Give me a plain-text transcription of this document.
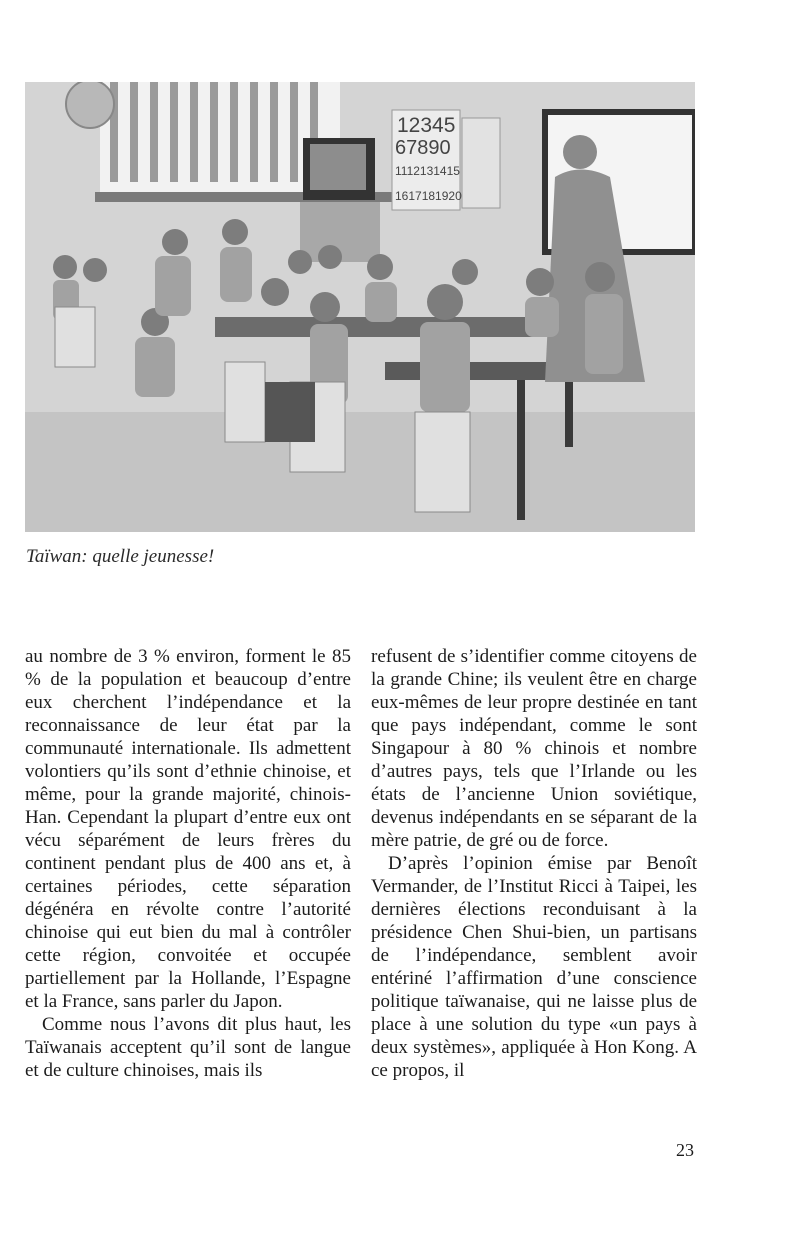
12345
67890
1112131415
1617181920
Taïwan: quelle jeunesse!

au nombre de 3 % environ, forment le 85 % de la population et beaucoup d’entre eux cherchent l’indépendance et la reconnaissance de leur état par la communauté internationale. Ils admettent volontiers qu’ils sont d’ethnie chinoise, et même, pour la grande majorité, chinois-Han. Cependant la plupart d’entre eux ont vécu séparément de leurs frères du continent pendant plus de 400 ans et, à certaines périodes, cette séparation dégénéra en révolte contre l’autorité chinoise qui eut bien du mal à contrôler cette région, convoitée et occupée partiellement par la Hollande, l’Espagne et la France, sans parler du Japon.

Comme nous l’avons dit plus haut, les Taïwanais acceptent qu’il sont de langue et de culture chinoises, mais ils

refusent de s’identifier comme citoyens de la grande Chine; ils veulent être en charge eux-mêmes de leur propre destinée en tant que pays indépendant, comme le sont Singapour à 80 % chinois et nombre d’autres pays, tels que l’Irlande ou les états de l’ancienne Union soviétique, devenus indépendants en se séparant de la mère patrie, de gré ou de force.

D’après l’opinion émise par Benoît Vermander, de l’Institut Ricci à Taipei, les dernières élections reconduisant à la présidence Chen Shui-bien, un partisans de l’indépendance, semblent avoir entériné l’affirmation d’une conscience politique taïwanaise, qui ne laisse plus de place à une solution du type «un pays à deux systèmes», appliquée à Hon Kong. A ce propos, il

23
